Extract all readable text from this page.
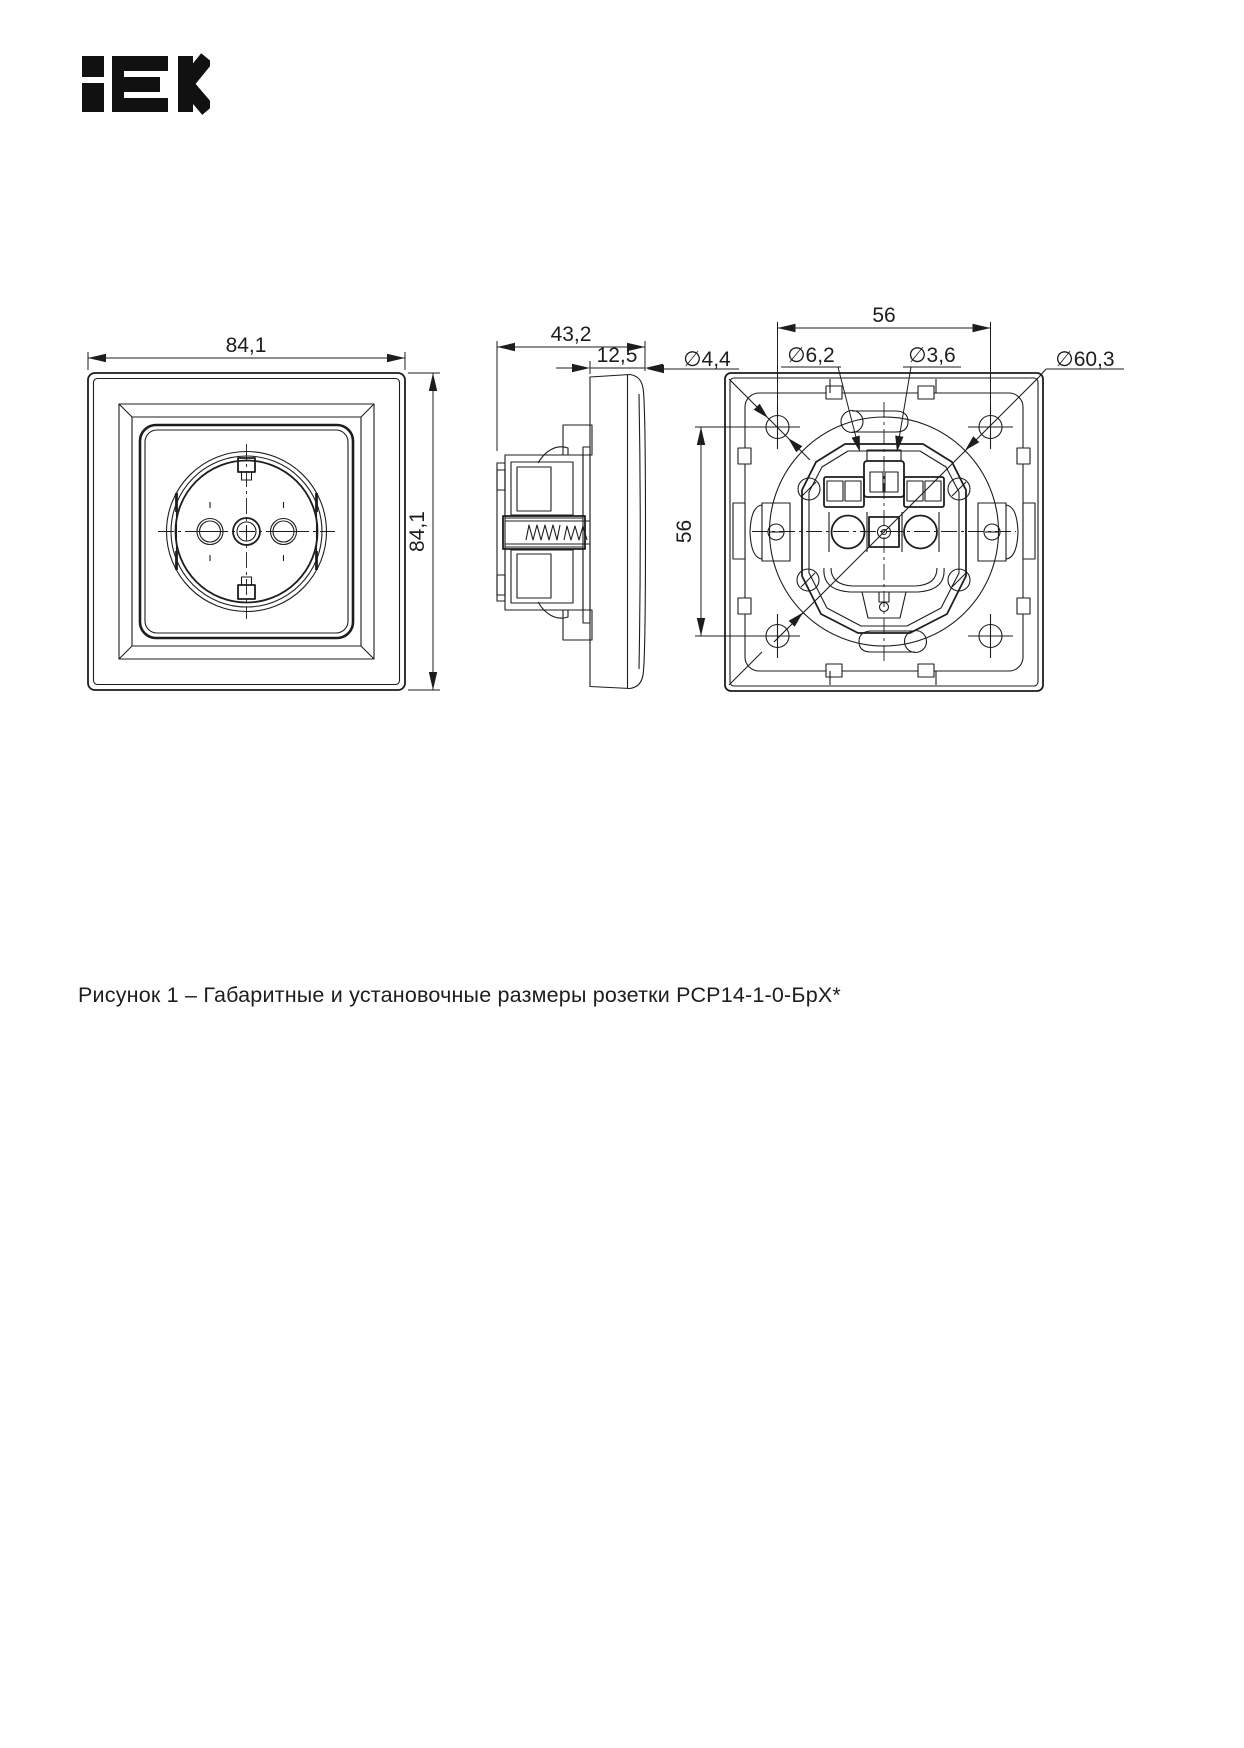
84,1
84,1
43,2
12,5
56
56
∅4,4	∅6,2	∅3,6	∅60,3
Рисунок 1 – Габаритные и установочные размеры розетки РСР14-1-0-БрХ*
